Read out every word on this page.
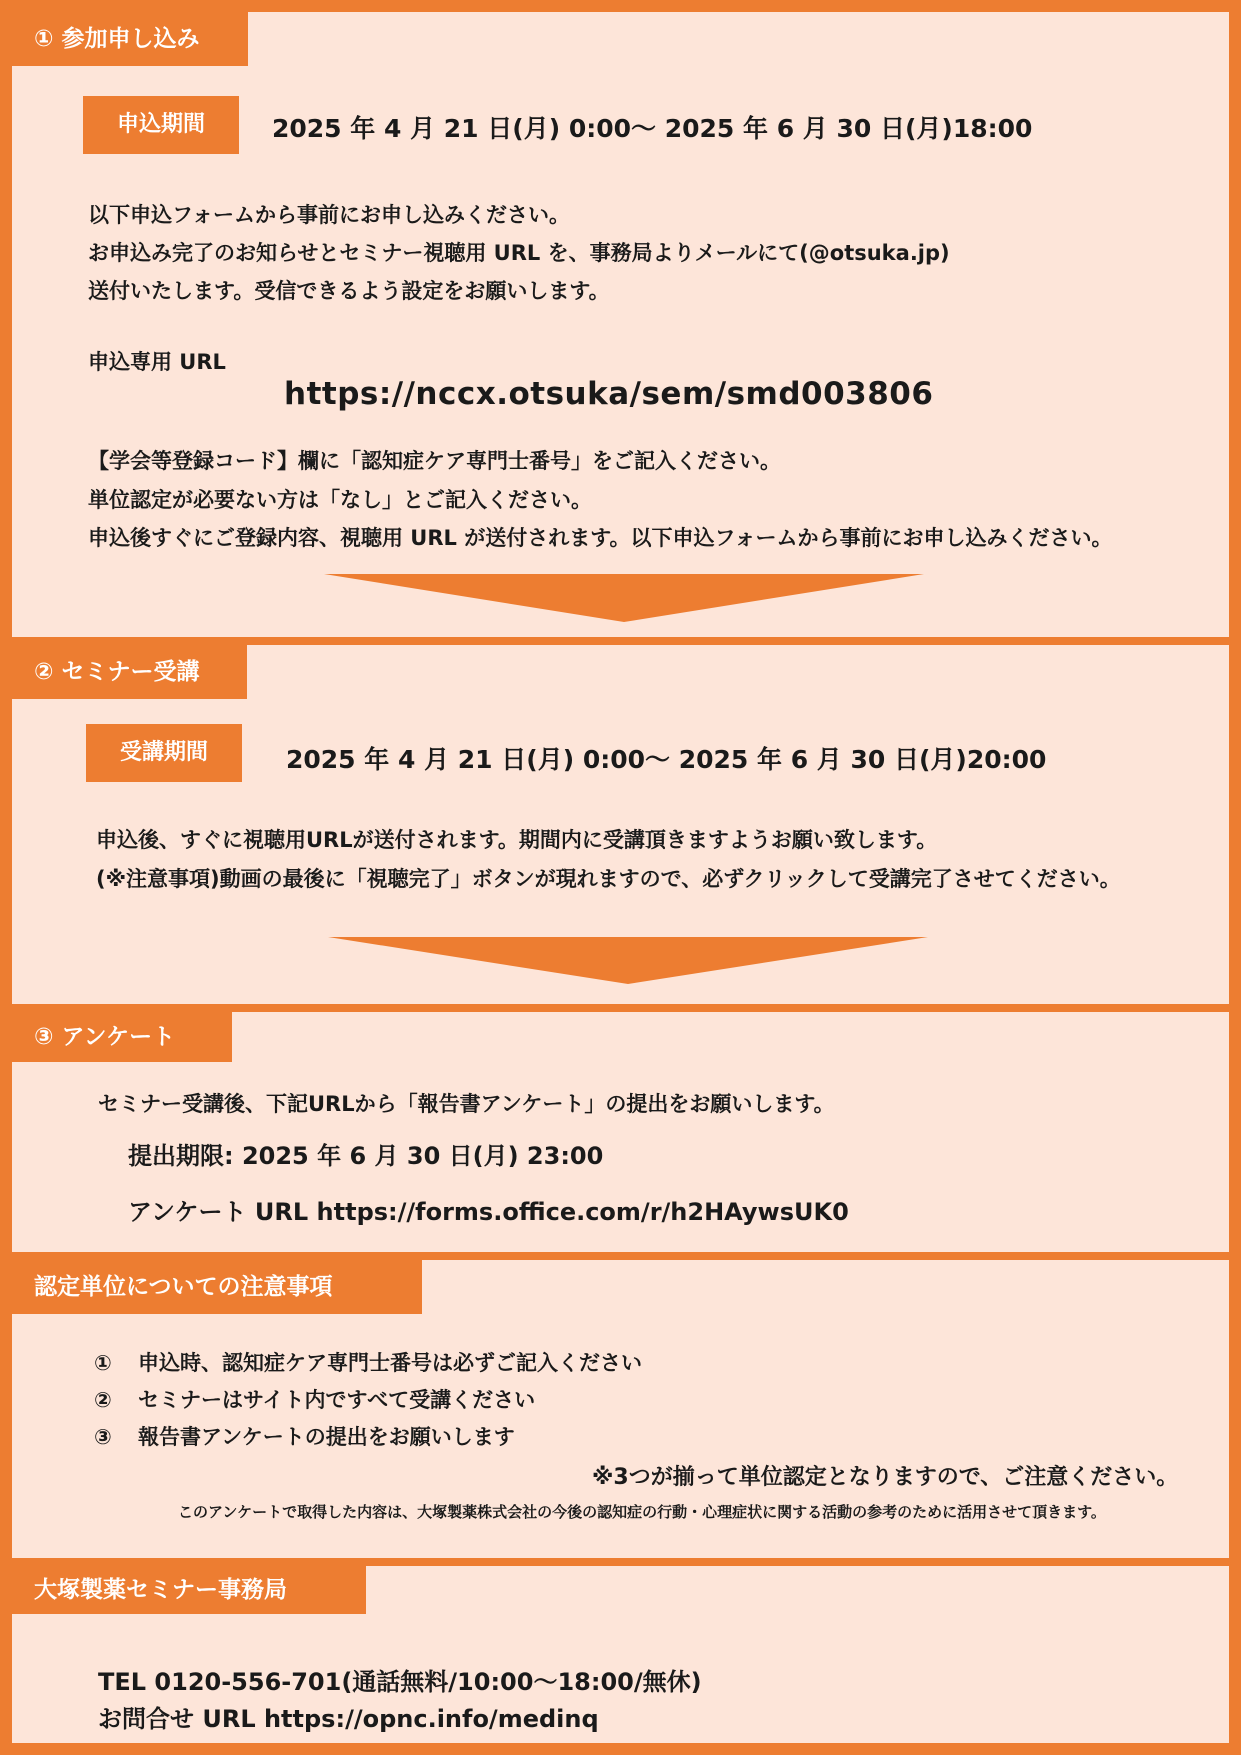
① 参加申し込み
申込期間	2025 年 4 月 21 日(月) 0:00～ 2025 年 6 月 30 日(月)18:00
以下申込フォームから事前にお申し込みください。
お申込み完了のお知らせとセミナー視聴用 URL を、事務局よりメールにて(@otsuka.jp)
送付いたします。受信できるよう設定をお願いします。
申込専用 URL
https://nccx.otsuka/sem/smd003806
【学会等登録コード】欄に「認知症ケア専門士番号」をご記入ください。
単位認定が必要ない方は「なし」とご記入ください。
申込後すぐにご登録内容、視聴用 URL が送付されます。以下申込フォームから事前にお申し込みください。
② セミナー受講
受講期間	2025 年 4 月 21 日(月) 0:00～ 2025 年 6 月 30 日(月)20:00
申込後、すぐに視聴用URLが送付されます。期間内に受講頂きますようお願い致します。
(※注意事項)動画の最後に「視聴完了」ボタンが現れますので、必ずクリックして受講完了させてください。
③ アンケート
セミナー受講後、下記URLから「報告書アンケート」の提出をお願いします。
提出期限: 2025 年 6 月 30 日(月) 23:00
アンケート URL https://forms.office.com/r/h2HAywsUK0
認定単位についての注意事項
① 申込時、認知症ケア専門士番号は必ずご記入ください
② セミナーはサイト内ですべて受講ください
③ 報告書アンケートの提出をお願いします
※3つが揃って単位認定となりますので、ご注意ください。
このアンケートで取得した内容は、大塚製薬株式会社の今後の認知症の行動・心理症状に関する活動の参考のために活用させて頂きます。
大塚製薬セミナー事務局
TEL 0120-556-701(通話無料/10:00～18:00/無休)
お問合せ URL https://opnc.info/medinq
